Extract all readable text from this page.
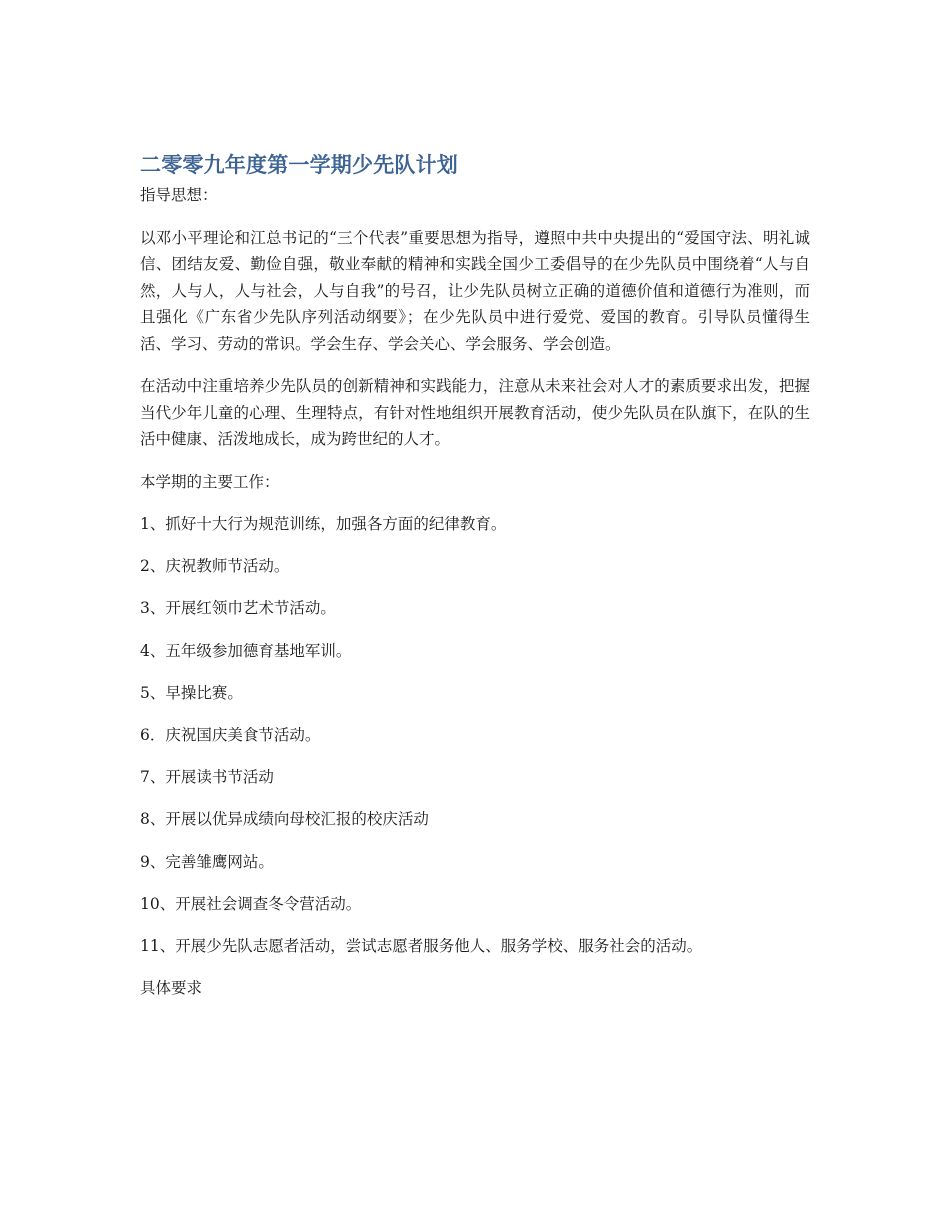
二零零九年度第一学期少先队计划

指导思想：

以邓小平理论和江总书记的“三个代表”重要思想为指导，遵照中共中央提出的“爱国守法、明礼诚信、团结友爱、勤俭自强，敬业奉献的精神和实践全国少工委倡导的在少先队员中围绕着“人与自然，人与人，人与社会，人与自我”的号召，让少先队员树立正确的道德价值和道德行为准则，而且强化《广东省少先队序列活动纲要》；在少先队员中进行爱党、爱国的教育。引导队员懂得生活、学习、劳动的常识。学会生存、学会关心、学会服务、学会创造。

在活动中注重培养少先队员的创新精神和实践能力，注意从未来社会对人才的素质要求出发，把握当代少年儿童的心理、生理特点，有针对性地组织开展教育活动，使少先队员在队旗下，在队的生活中健康、活泼地成长，成为跨世纪的人才。

本学期的主要工作：

1、抓好十大行为规范训练，加强各方面的纪律教育。
2、庆祝教师节活动。
3、开展红领巾艺术节活动。
4、五年级参加德育基地军训。
5、早操比赛。
6．庆祝国庆美食节活动。
7、开展读书节活动
8、开展以优异成绩向母校汇报的校庆活动
9、完善雏鹰网站。
10、开展社会调查冬令营活动。
11、开展少先队志愿者活动，尝试志愿者服务他人、服务学校、服务社会的活动。

具体要求
